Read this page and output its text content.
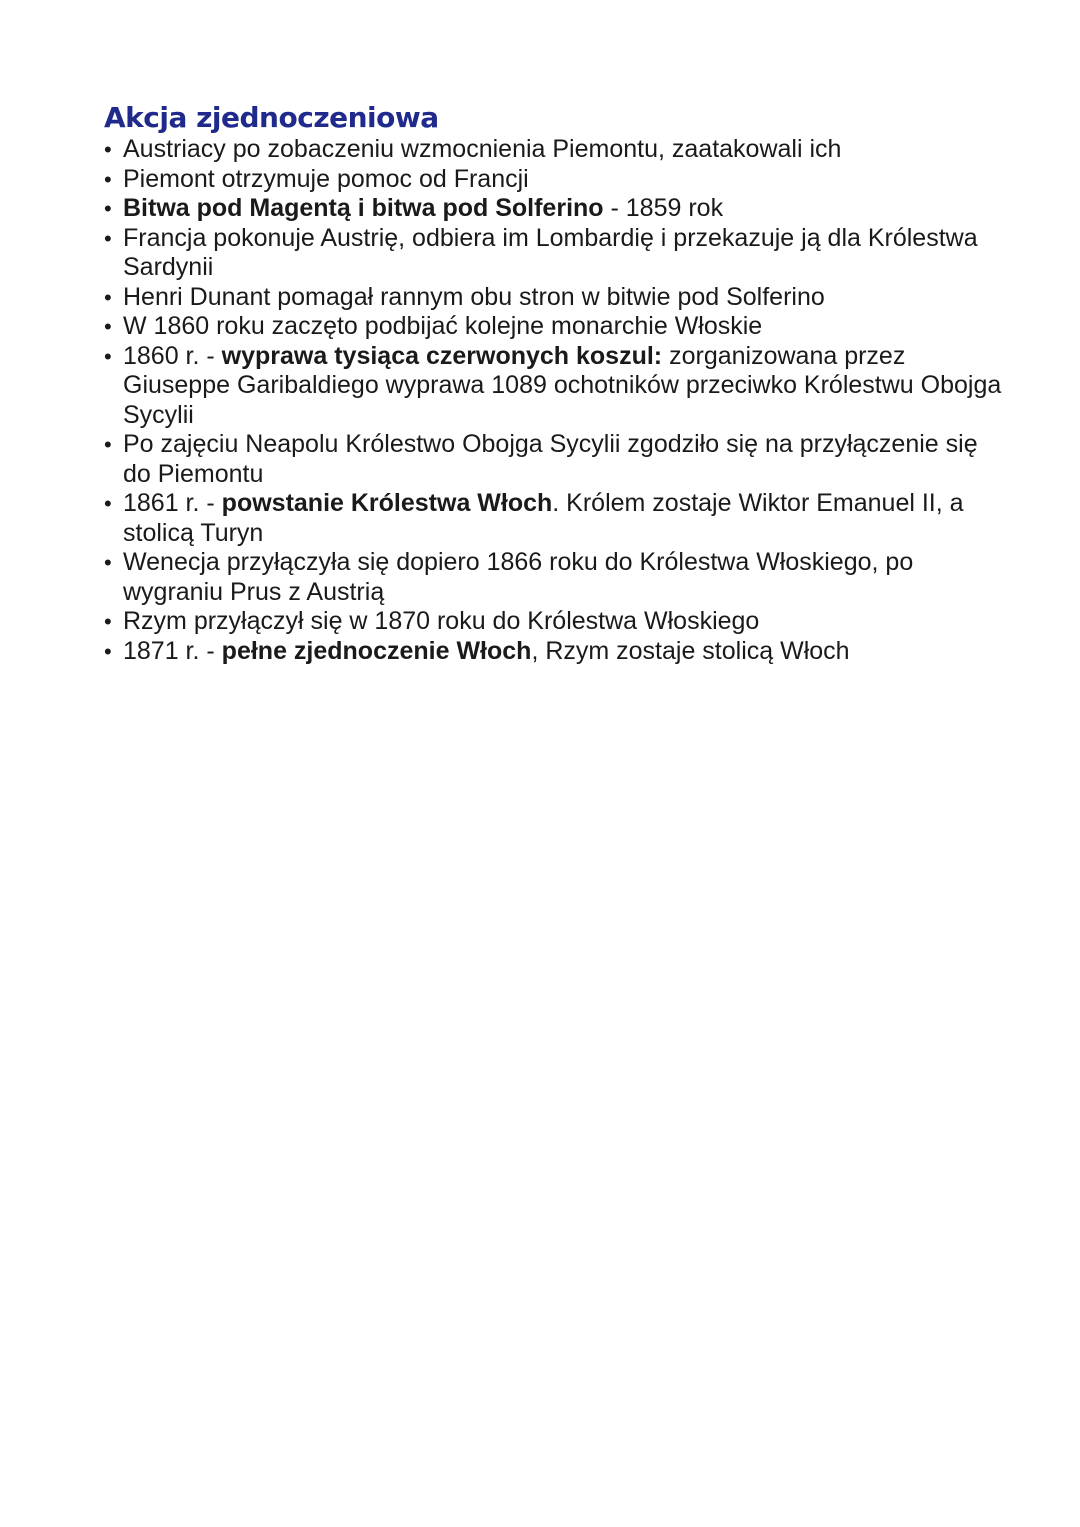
Akcja zjednoczeniowa
• Austriacy po zobaczeniu wzmocnienia Piemontu, zaatakowali ich
• Piemont otrzymuje pomoc od Francji
• Bitwa pod Magentą i bitwa pod Solferino - 1859 rok
• Francja pokonuje Austrię, odbiera im Lombardię i przekazuje ją dla Królestwa Sardynii
• Henri Dunant pomagał rannym obu stron w bitwie pod Solferino
• W 1860 roku zaczęto podbijać kolejne monarchie Włoskie
• 1860 r. - wyprawa tysiąca czerwonych koszul: zorganizowana przez Giuseppe Garibaldiego wyprawa 1089 ochotników przeciwko Królestwu Obojga Sycylii
• Po zajęciu Neapolu Królestwo Obojga Sycylii zgodziło się na przyłączenie się do Piemontu
• 1861 r. - powstanie Królestwa Włoch. Królem zostaje Wiktor Emanuel II, a stolicą Turyn
• Wenecja przyłączyła się dopiero 1866 roku do Królestwa Włoskiego, po wygraniu Prus z Austrią
• Rzym przyłączył się w 1870 roku do Królestwa Włoskiego
• 1871 r. - pełne zjednoczenie Włoch, Rzym zostaje stolicą Włoch
